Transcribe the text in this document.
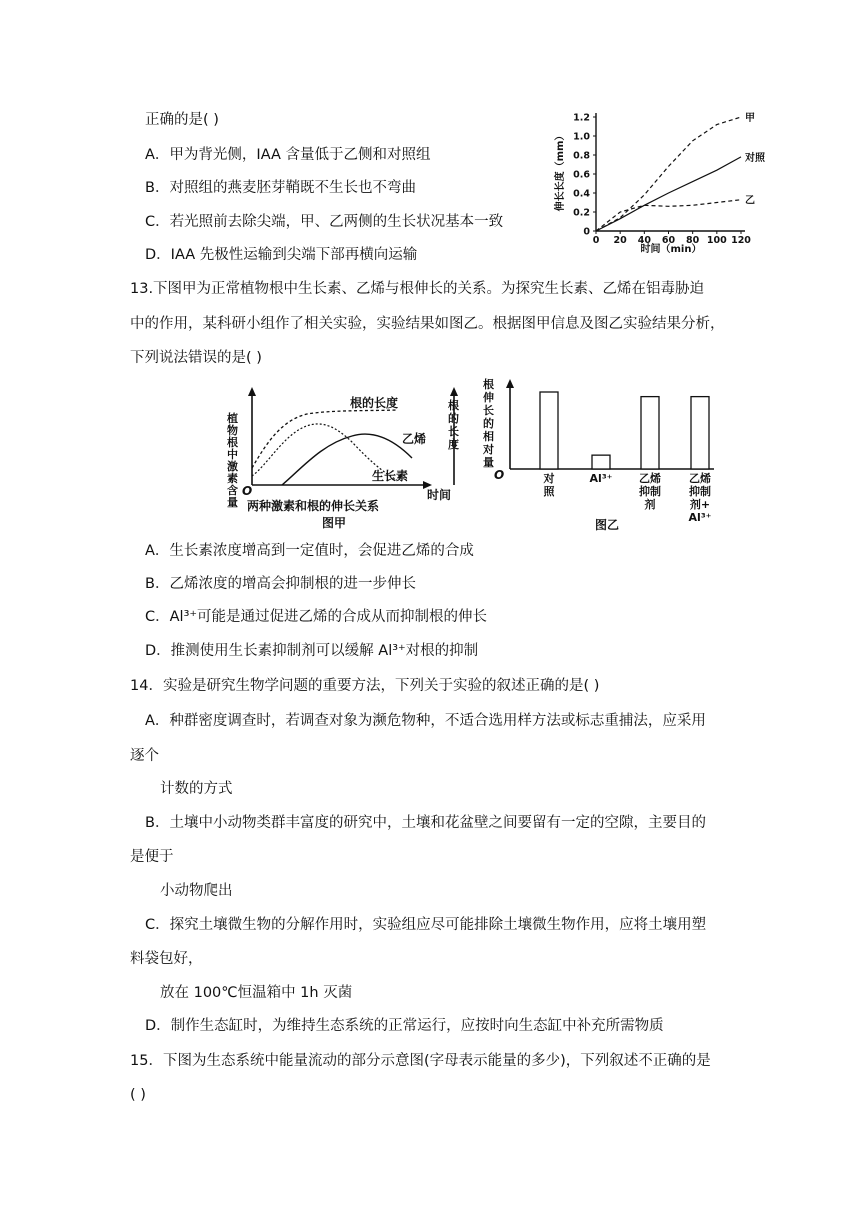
正确的是( )
A．甲为背光侧，IAA 含量低于乙侧和对照组
B．对照组的燕麦胚芽鞘既不生长也不弯曲
C．若光照前去除尖端，甲、乙两侧的生长状况基本一致
D．IAA 先极性运输到尖端下部再横向运输
伸长长度（mm）
时间（min）
0
0.2
0.4
0.6
0.8
1.0
1.2
0 20 40 60 80 100 120
甲
对照
乙
13.下图甲为正常植物根中生长素、乙烯与根伸长的关系。为探究生长素、乙烯在铝毒胁迫
中的作用，某科研小组作了相关实验，实验结果如图乙。根据图甲信息及图乙实验结果分析，
下列说法错误的是( )
植物根 中激素 含量
O
根的长度
根的长度
乙烯
生长素
时间
两种激素和根的伸长关系
图甲
根伸长 的相对 量
O	对照
Al³⁺ 乙烯抑制剂
乙烯抑制剂+ Al³⁺
图乙
A．生长素浓度增高到一定值时，会促进乙烯的合成
B．乙烯浓度的增高会抑制根的进一步伸长
C．Al³⁺可能是通过促进乙烯的合成从而抑制根的伸长
D．推测使用生长素抑制剂可以缓解 Al³⁺对根的抑制
14．实验是研究生物学问题的重要方法，下列关于实验的叙述正确的是( )
A．种群密度调查时，若调查对象为濒危物种，不适合选用样方法或标志重捕法，应采用
逐个
计数的方式
B．土壤中小动物类群丰富度的研究中，土壤和花盆壁之间要留有一定的空隙，主要目的
是便于
小动物爬出
C．探究土壤微生物的分解作用时，实验组应尽可能排除土壤微生物作用，应将土壤用塑
料袋包好，
放在 100℃恒温箱中 1h 灭菌
D．制作生态缸时，为维持生态系统的正常运行，应按时向生态缸中补充所需物质
15．下图为生态系统中能量流动的部分示意图(字母表示能量的多少)，下列叙述不正确的是
( )
